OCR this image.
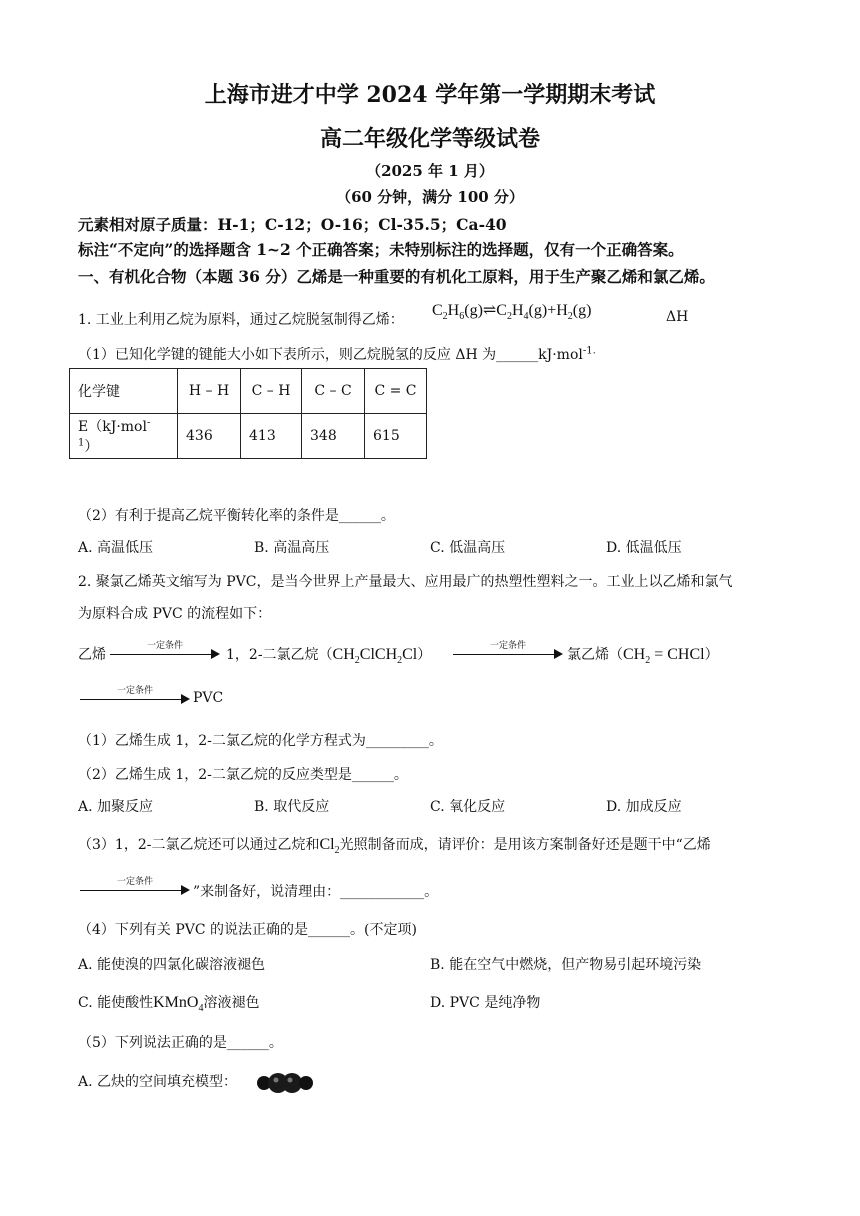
上海市进才中学 2024 学年第一学期期末考试
高二年级化学等级试卷
（2025 年 1 月）
（60 分钟，满分 100 分）
元素相对原子质量：H-1；C-12；O-16；Cl-35.5；Ca-40
标注“不定向”的选择题含 1~2 个正确答案；未特别标注的选择题，仅有一个正确答案。
一、有机化合物（本题 36 分）乙烯是一种重要的有机化工原料，用于生产聚乙烯和氯乙烯。
1. 工业上利用乙烷为原料，通过乙烷脱氢制得乙烯：
$C_2H_6(g)\rightleftharpoons C_2H_4(g)+H_2(g)$	ΔH
（1）已知化学键的键能大小如下表所示，则乙烷脱氢的反应 ΔH 为______kJ·mol$^{-1.}$
化学键	H – H	C – H	C – C	C = C
E（kJ·mol$^{-1}$）	436	413	348	615
（2）有利于提高乙烷平衡转化率的条件是______。
A. 高温低压	B. 高温高压	C. 低温高压	D. 低温低压
2. 聚氯乙烯英文缩写为 PVC，是当今世界上产量最大、应用最广的热塑性塑料之一。工业上以乙烯和氯气
为原料合成 PVC 的流程如下：
乙烯
一定条件
1，2-二氯乙烷$(CH_2ClCH_2Cl)$
一定条件
氯乙烯（$CH_2$ = CHCl）
一定条件	PVC
（1）乙烯生成 1，2-二氯乙烷的化学方程式为_________。
（2）乙烯生成 1，2-二氯乙烷的反应类型是______。
A. 加聚反应	B. 取代反应	C. 氧化反应	D. 加成反应
（3）1，2-二氯乙烷还可以通过乙烷和$Cl_2$光照制备而成，请评价：是用该方案制备好还是题干中“乙烯
一定条件
”来制备好，说清理由：____________。
（4）下列有关 PVC 的说法正确的是______。(不定项)
A. 能使溴的四氯化碳溶液褪色	B. 能在空气中燃烧，但产物易引起环境污染
C. 能使酸性KMnO$_4$溶液褪色	D. PVC 是纯净物
（5）下列说法正确的是______。
A. 乙炔的空间填充模型：
